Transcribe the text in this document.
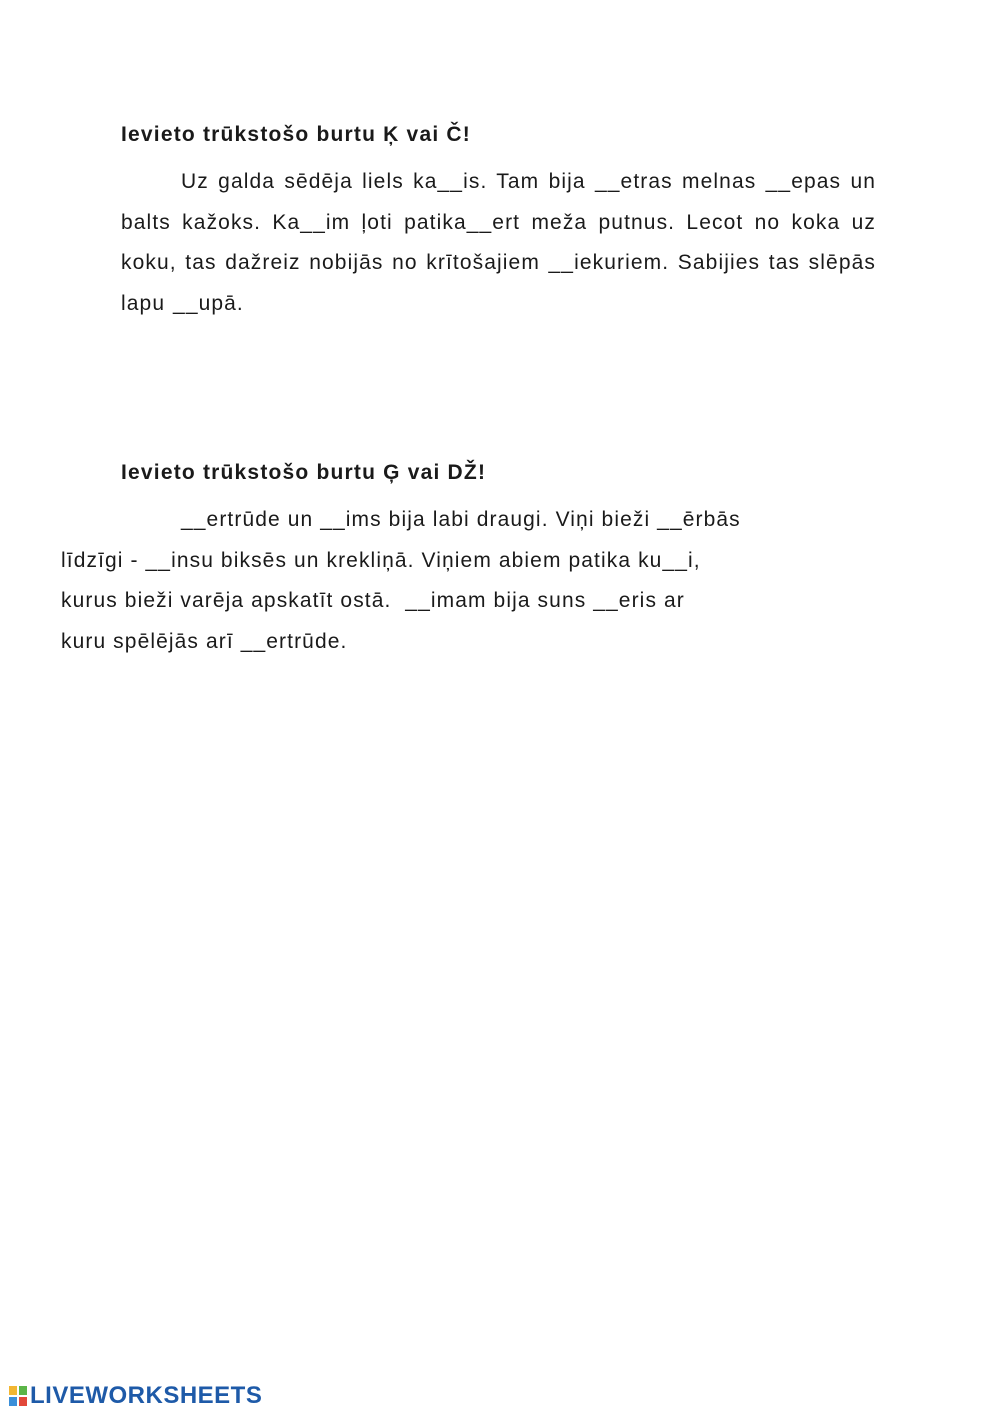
Ievieto trūkstošo burtu Ķ vai Č!

Uz galda sēdēja liels ka__is. Tam bija __etras melnas __epas un balts kažoks. Ka__im ļoti patika__ert meža putnus. Lecot no koka uz koku, tas dažreiz nobijās no krītošajiem __iekuriem. Sabijies tas slēpās lapu __upā.

Ievieto trūkstošo burtu Ģ vai DŽ!

__ertrūde un __ims bija labi draugi. Viņi bieži __ērbās
līdzīgi - __insu biksēs un krekliņā. Viņiem abiem patika ku__i,
kurus bieži varēja apskatīt ostā.  __imam bija suns __eris ar
kuru spēlējās arī __ertrūde.

LIVEWORKSHEETS
